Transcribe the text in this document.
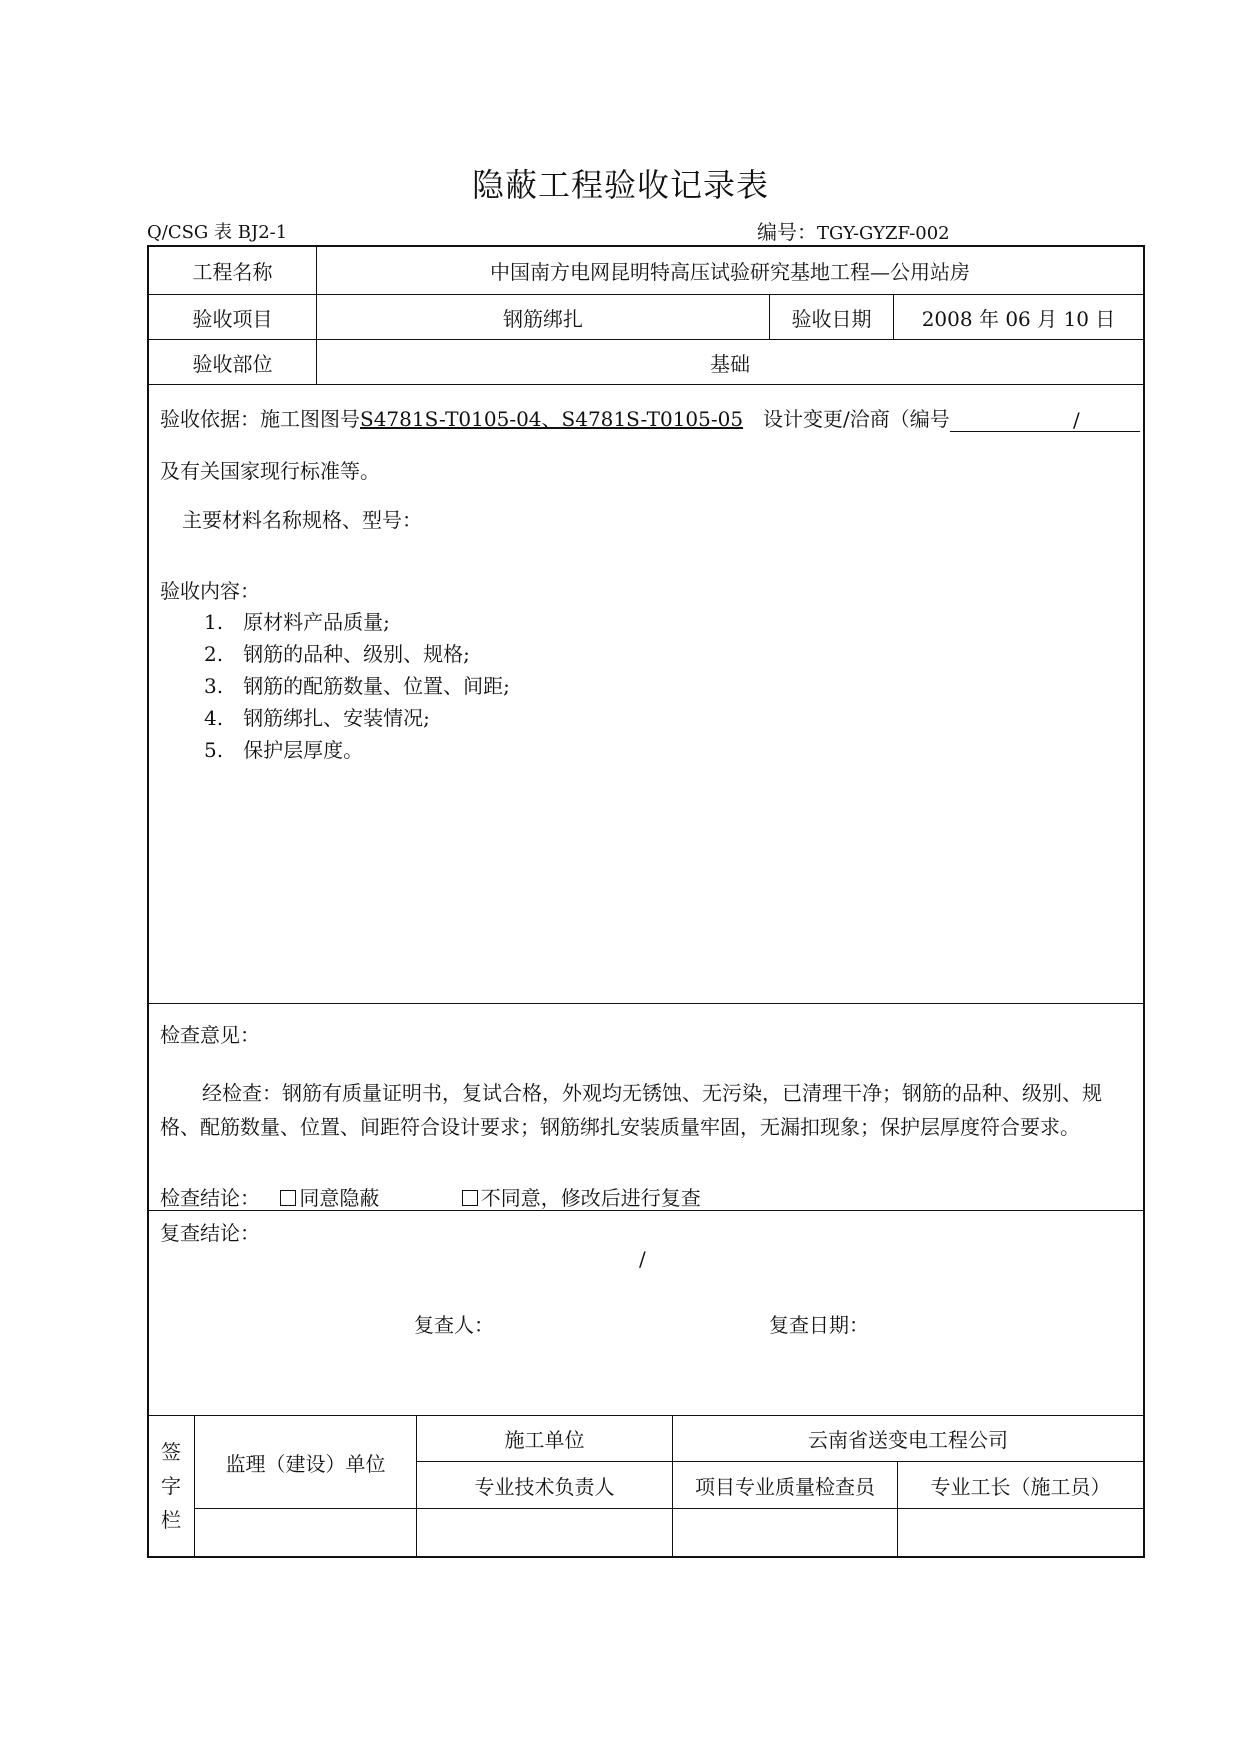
隐蔽工程验收记录表
Q/CSG 表 BJ2-1	编号：TGY-GYZF-002
工程名称	中国南方电网昆明特高压试验研究基地工程—公用站房
验收项目	钢筋绑扎	验收日期	2008 年 06 月 10 日
验收部位	基础
验收依据：施工图图号S4781S-T0105-04、S4781S-T0105-05　 设计变更/洽商（编号	/
及有关国家现行标准等。
主要材料名称规格、型号：
验收内容：
1.　原材料产品质量;
2.　钢筋的品种、级别、规格;
3.　钢筋的配筋数量、位置、间距;
4.　钢筋绑扎、安装情况;
5.　保护层厚度。
检查意见：
经检查：钢筋有质量证明书，复试合格，外观均无锈蚀、无污染，已清理干净；钢筋的品种、级别、规格、配筋数量、位置、间距符合设计要求；钢筋绑扎安装质量牢固，无漏扣现象；保护层厚度符合要求。
检查结论： 同意隐蔽	不同意，修改后进行复查
复查结论：
/
复查人：	复查日期：
签
字
栏
监理（建设）单位
施工单位	云南省送变电工程公司
专业技术负责人	项目专业质量检查员	专业工长（施工员）
